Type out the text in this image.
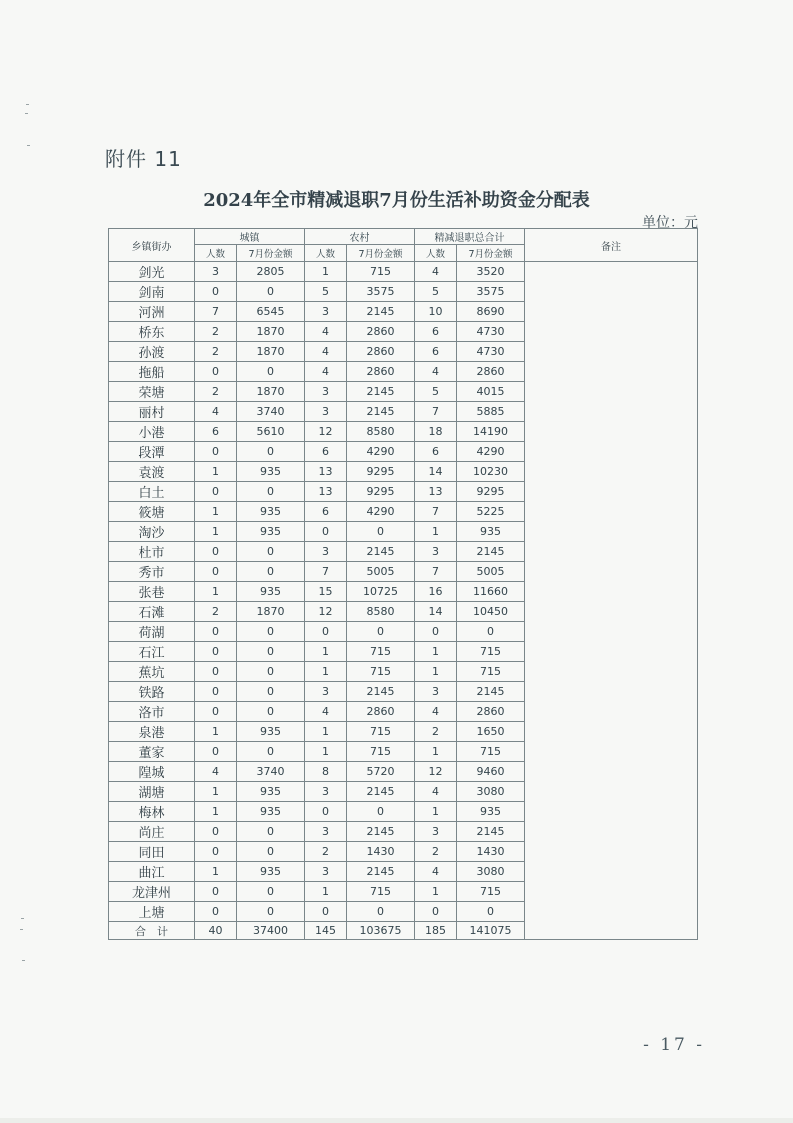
附件 11
2024年全市精减退职7月份生活补助资金分配表
单位：元
乡镇街办	城镇		农村		精减退职总合计		备注
	人数	7月份金额	人数	7月份金额	人数	7月份金额	
剑光	3	2805	1	715	4	3520	
剑南	0	0	5	3575	5	3575	
河洲	7	6545	3	2145	10	8690	
桥东	2	1870	4	2860	6	4730	
孙渡	2	1870	4	2860	6	4730	
拖船	0	0	4	2860	4	2860	
荣塘	2	1870	3	2145	5	4015	
丽村	4	3740	3	2145	7	5885	
小港	6	5610	12	8580	18	14190	
段潭	0	0	6	4290	6	4290	
袁渡	1	935	13	9295	14	10230	
白土	0	0	13	9295	13	9295	
筱塘	1	935	6	4290	7	5225	
淘沙	1	935	0	0	1	935	
杜市	0	0	3	2145	3	2145	
秀市	0	0	7	5005	7	5005	
张巷	1	935	15	10725	16	11660	
石滩	2	1870	12	8580	14	10450	
荷湖	0	0	0	0	0	0	
石江	0	0	1	715	1	715	
蕉坑	0	0	1	715	1	715	
铁路	0	0	3	2145	3	2145	
洛市	0	0	4	2860	4	2860	
泉港	1	935	1	715	2	1650	
董家	0	0	1	715	1	715	
隍城	4	3740	8	5720	12	9460	
湖塘	1	935	3	2145	4	3080	
梅林	1	935	0	0	1	935	
尚庄	0	0	3	2145	3	2145	
同田	0	0	2	1430	2	1430	
曲江	1	935	3	2145	4	3080	
龙津州	0	0	1	715	1	715	
上塘	0	0	0	0	0	0	
合　计	40	37400	145	103675	185	141075	
- 17 -
